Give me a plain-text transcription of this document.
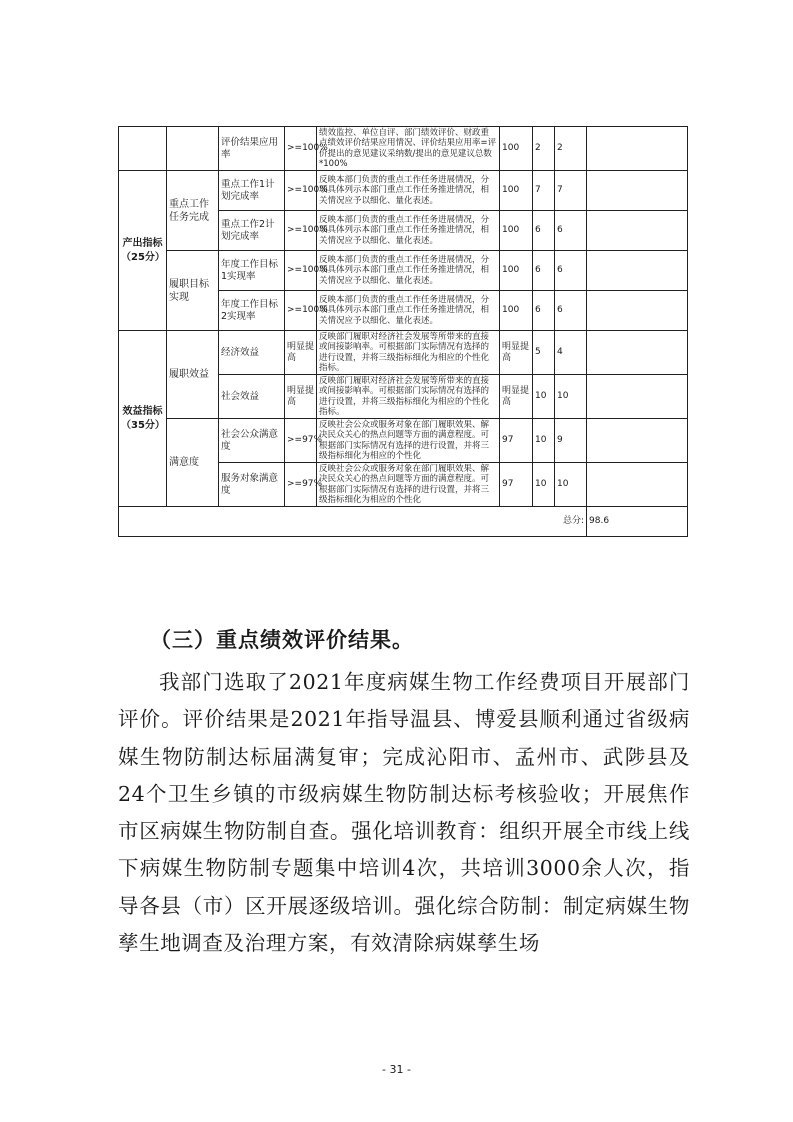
		评价结果应用率	>=100%	绩效监控、单位自评、部门绩效评价、财政重点绩效评价结果应用情况、评价结果应用率=评价提出的意见建议采纳数/提出的意见建议总数*100%	100	2	2	
产出指标（25分）	重点工作任务完成	重点工作1计划完成率	>=100%	反映本部门负责的重点工作任务进展情况，分项具体列示本部门重点工作任务推进情况，相关情况应予以细化、量化表述。	100	7	7	
		重点工作2计划完成率	>=100%	反映本部门负责的重点工作任务进展情况，分项具体列示本部门重点工作任务推进情况，相关情况应予以细化、量化表述。	100	6	6	
	履职目标实现	年度工作目标1实现率	>=100%	反映本部门负责的重点工作任务进展情况，分项具体列示本部门重点工作任务推进情况，相关情况应予以细化、量化表述。	100	6	6	
		年度工作目标2实现率	>=100%	反映本部门负责的重点工作任务进展情况，分项具体列示本部门重点工作任务推进情况，相关情况应予以细化、量化表述。	100	6	6	
效益指标（35分）	履职效益	经济效益	明显提高	反映部门履职对经济社会发展等所带来的直接或间接影响率。可根据部门实际情况有选择的进行设置，并将三级指标细化为相应的个性化指标。	明显提高	5	4	
		社会效益	明显提高	反映部门履职对经济社会发展等所带来的直接或间接影响率。可根据部门实际情况有选择的进行设置，并将三级指标细化为相应的个性化指标。	明显提高	10	10	
	满意度	社会公众满意度	>=97%	反映社会公众或服务对象在部门履职效果、解决民众关心的热点问题等方面的满意程度。可根据部门实际情况有选择的进行设置，并将三级指标细化为相应的个性化	97	10	9	
		服务对象满意度	>=97%	反映社会公众或服务对象在部门履职效果、解决民众关心的热点问题等方面的满意程度。可根据部门实际情况有选择的进行设置，并将三级指标细化为相应的个性化	97	10	10	
总分:								98.6
（三）重点绩效评价结果。

我部门选取了2021年度病媒生物工作经费项目开展部门评价。评价结果是2021年指导温县、博爱县顺利通过省级病媒生物防制达标届满复审；完成沁阳市、孟州市、武陟县及24个卫生乡镇的市级病媒生物防制达标考核验收；开展焦作市区病媒生物防制自查。强化培训教育：组织开展全市线上线下病媒生物防制专题集中培训4次，共培训3000余人次，指导各县（市）区开展逐级培训。强化综合防制：制定病媒生物孳生地调查及治理方案，有效清除病媒孳生场

- 31 -
